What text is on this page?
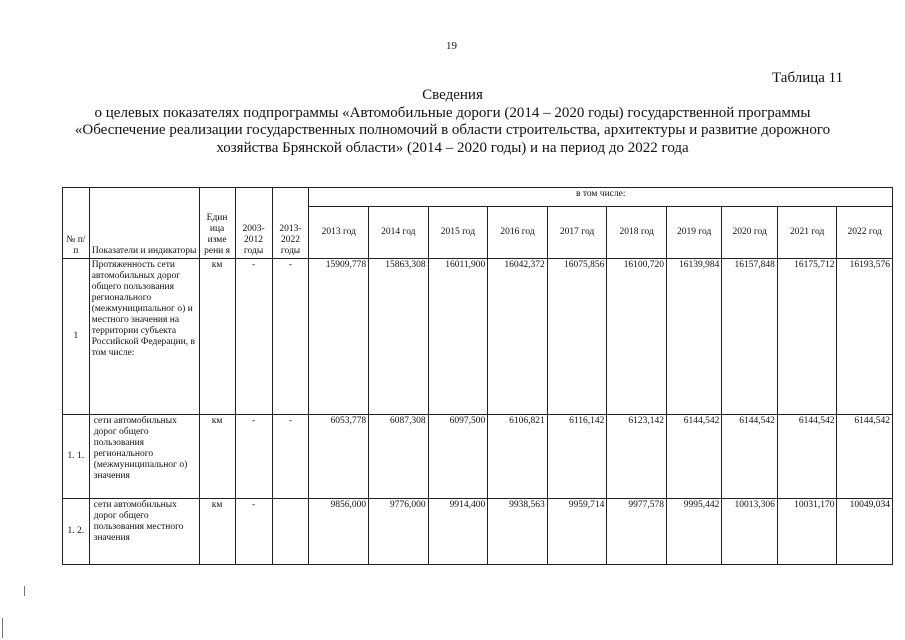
19
Таблица 11
Сведения
о целевых показателях подпрограммы «Автомобильные дороги (2014 – 2020 годы) государственной программы
«Обеспечение реализации государственных полномочий в области строительства, архитектуры и развитие дорожного
хозяйства Брянской области» (2014 – 2020 годы) и на период до 2022 года
№ п/ п	Показатели и индикаторы	Един ица изме рени я	2003- 2012 годы	2013- 2022 годы	в том числе:									
					2013 год	2014 год	2015 год	2016 год	2017 год	2018 год	2019 год	2020 год	2021 год	2022 год
1	Протяженность сети автомобильных дорог общего пользования регионального (межмуниципальног о) и местного значения на территории субъекта Российской Федерации, в том числе:	км	-	-	15909,778	15863,308	16011,900	16042,372	16075,856	16100,720	16139,984	16157,848	16175,712	16193,576
1. 1.	сети автомобильных дорог общего пользования регионального (межмуниципальног о) значения	км	-	-	6053,778	6087,308	6097,500	6106,821	6116,142	6123,142	6144,542	6144,542	6144,542	6144,542
1. 2.	сети автомобильных дорог общего пользования местного значения	км	-		9856,000	9776,000	9914,400	9938,563	9959,714	9977,578	9995,442	10013,306	10031,170	10049,034
